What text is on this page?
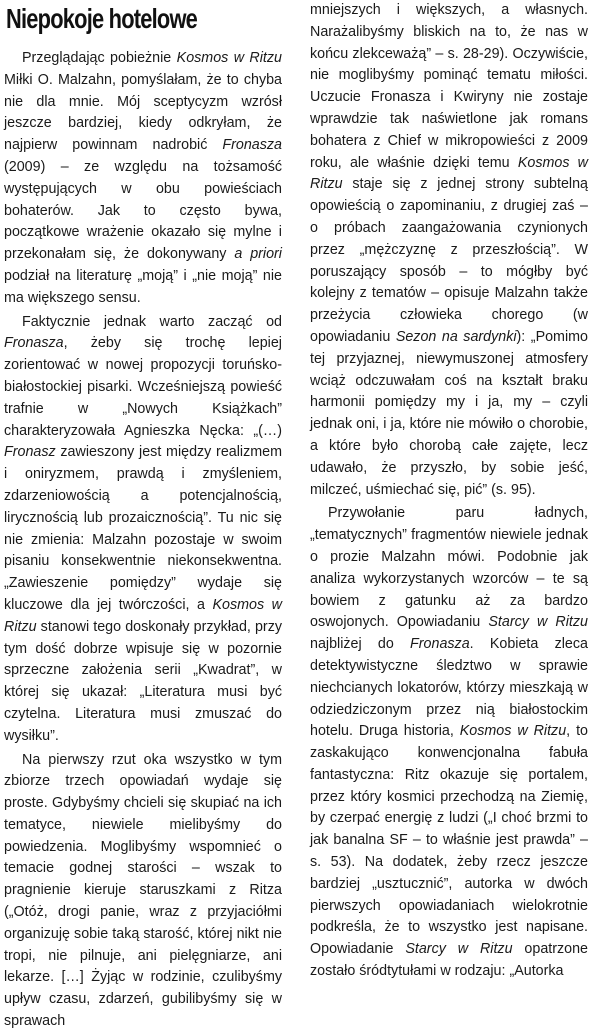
Niepokoje hotelowe

Przeglądając pobieżnie Kosmos w Ritzu Miłki O. Malzahn, pomyślałam, że to chyba nie dla mnie. Mój sceptycyzm wzrósł jeszcze bardziej, kiedy odkryłam, że najpierw powinnam nadrobić Fronasza (2009) – ze względu na tożsamość występujących w obu powieściach bohaterów. Jak to często bywa, początkowe wrażenie okazało się mylne i przekonałam się, że dokonywany a priori podział na literaturę „moją” i „nie moją” nie ma większego sensu.

Faktycznie jednak warto zacząć od Fronasza, żeby się trochę lepiej zorientować w nowej propozycji toruńsko-białostockiej pisarki. Wcześniejszą powieść trafnie w „Nowych Książkach” charakteryzowała Agnieszka Nęcka: „(…) Fronasz zawieszony jest między realizmem i oniryzmem, prawdą i zmyśleniem, zdarzeniowością a potencjalnością, lirycznością lub prozaicznością”. Tu nic się nie zmienia: Malzahn pozostaje w swoim pisaniu konsekwentnie niekonsekwentna. „Zawieszenie pomiędzy” wydaje się kluczowe dla jej twórczości, a Kosmos w Ritzu stanowi tego doskonały przykład, przy tym dość dobrze wpisuje się w pozornie sprzeczne założenia serii „Kwadrat”, w której się ukazał: „Literatura musi być czytelna. Literatura musi zmuszać do wysiłku”.

Na pierwszy rzut oka wszystko w tym zbiorze trzech opowiadań wydaje się proste. Gdybyśmy chcieli się skupiać na ich tematyce, niewiele mielibyśmy do powiedzenia. Moglibyśmy wspomnieć o temacie godnej starości – wszak to pragnienie kieruje staruszkami z Ritza („Otóż, drogi panie, wraz z przyjaciółmi organizuję sobie taką starość, której nikt nie tropi, nie pilnuje, ani pielęgniarze, ani lekarze. […] Żyjąc w rodzinie, czulibyśmy upływ czasu, zdarzeń, gubilibyśmy się w sprawach

mniejszych i większych, a własnych. Narażalibyśmy bliskich na to, że nas w końcu zlekceważą” – s. 28-29). Oczywiście, nie moglibyśmy pominąć tematu miłości. Uczucie Fronasza i Kwiryny nie zostaje wprawdzie tak naświetlone jak romans bohatera z Chief w mikropowieści z 2009 roku, ale właśnie dzięki temu Kosmos w Ritzu staje się z jednej strony subtelną opowieścią o zapominaniu, z drugiej zaś – o próbach zaangażowania czynionych przez „mężczyznę z przeszłością”. W poruszający sposób – to mógłby być kolejny z tematów – opisuje Malzahn także przeżycia człowieka chorego (w opowiadaniu Sezon na sardynki): „Pomimo tej przyjaznej, niewymuszonej atmosfery wciąż odczuwałam coś na kształt braku harmonii pomiędzy my i ja, my – czyli jednak oni, i ja, które nie mówiło o chorobie, a które było chorobą całe zajęte, lecz udawało, że przyszło, by sobie jeść, milczeć, uśmiechać się, pić” (s. 95).

Przywołanie paru ładnych, „tematycznych” fragmentów niewiele jednak o prozie Malzahn mówi. Podobnie jak analiza wykorzystanych wzorców – te są bowiem z gatunku aż za bardzo oswojonych. Opowiadaniu Starcy w Ritzu najbliżej do Fronasza. Kobieta zleca detektywistyczne śledztwo w sprawie niechcianych lokatorów, którzy mieszkają w odziedziczonym przez nią białostockim hotelu. Druga historia, Kosmos w Ritzu, to zaskakująco konwencjonalna fabuła fantastyczna: Ritz okazuje się portalem, przez który kosmici przechodzą na Ziemię, by czerpać energię z ludzi („I choć brzmi to jak banalna SF – to właśnie jest prawda” – s. 53). Na dodatek, żeby rzecz jeszcze bardziej „usztucznić”, autorka w dwóch pierwszych opowiadaniach wielokrotnie podkreśla, że to wszystko jest napisane. Opowiadanie Starcy w Ritzu opatrzone zostało śródtytułami w rodzaju: „Autorka
